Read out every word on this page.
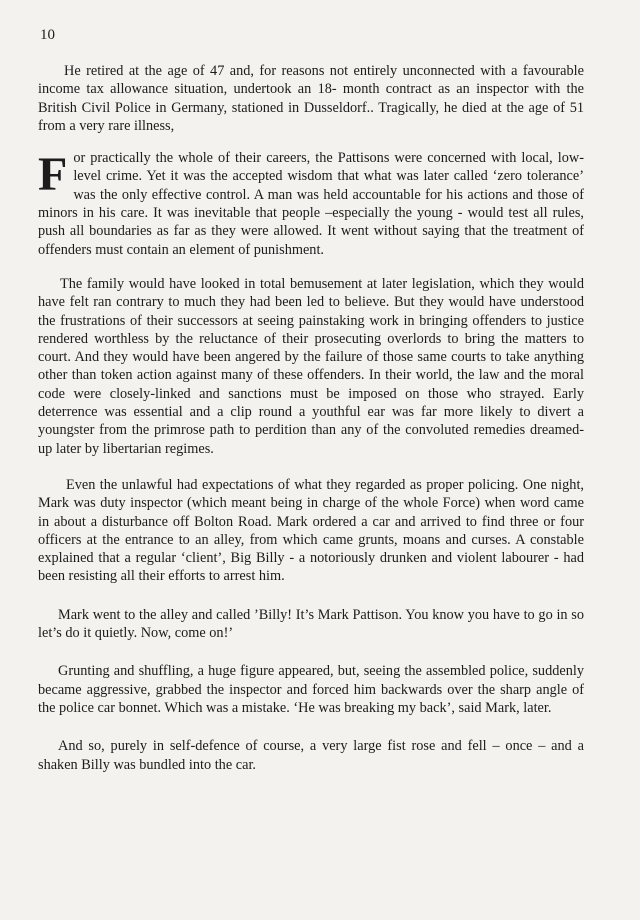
10

He retired at the age of 47 and, for reasons not entirely unconnected with a favourable income tax allowance situation, undertook an 18- month contract as an inspector with the British Civil Police in Germany, stationed in Dusseldorf.. Tragically, he died at the age of 51 from a very rare illness,

For practically the whole of their careers, the Pattisons were concerned with local, low-level crime. Yet it was the accepted wisdom that what was later called ‘zero tolerance’ was the only effective control. A man was held accountable for his actions and those of minors in his care. It was inevitable that people –especially the young - would test all rules, push all boundaries as far as they were allowed. It went without saying that the treatment of offenders must contain an element of punishment.

The family would have looked in total bemusement at later legislation, which they would have felt ran contrary to much they had been led to believe. But they would have understood the frustrations of their successors at seeing painstaking work in bringing offenders to justice rendered worthless by the reluctance of their prosecuting overlords to bring the matters to court. And they would have been angered by the failure of those same courts to take anything other than token action against many of these offenders. In their world, the law and the moral code were closely-linked and sanctions must be imposed on those who strayed. Early deterrence was essential and a clip round a youthful ear was far more likely to divert a youngster from the primrose path to perdition than any of the convoluted remedies dreamed- up later by libertarian regimes.

Even the unlawful had expectations of what they regarded as proper policing. One night, Mark was duty inspector (which meant being in charge of the whole Force) when word came in about a disturbance off Bolton Road. Mark ordered a car and arrived to find three or four officers at the entrance to an alley, from which came grunts, moans and curses. A constable explained that a regular ‘client’, Big Billy - a notoriously drunken and violent labourer - had been resisting all their efforts to arrest him.

Mark went to the alley and called ’Billy! It’s Mark Pattison. You know you have to go in so let’s do it quietly. Now, come on!’

Grunting and shuffling, a huge figure appeared, but, seeing the assembled police, suddenly became aggressive, grabbed the inspector and forced him backwards over the sharp angle of the police car bonnet. Which was a mistake. ‘He was breaking my back’, said Mark, later.

And so, purely in self-defence of course, a very large fist rose and fell – once – and a shaken Billy was bundled into the car.
